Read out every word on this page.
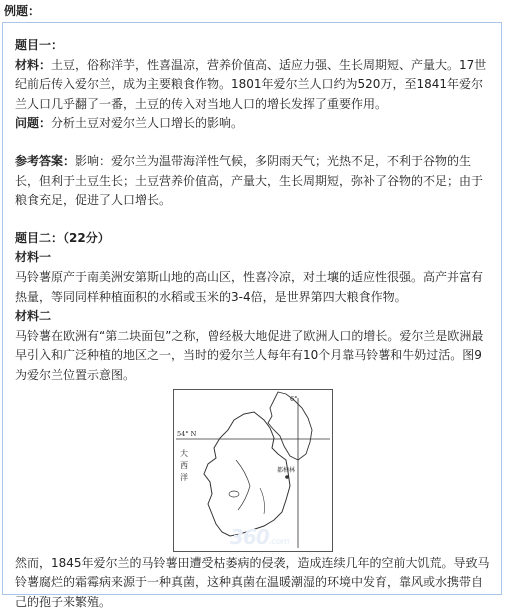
例题：

题目一：

材料：土豆，俗称洋芋，性喜温凉，营养价值高、适应力强、生长周期短、产量大。17世纪前后传入爱尔兰，成为主要粮食作物。1801年爱尔兰人口约为520万，至1841年爱尔兰人口几乎翻了一番，土豆的传入对当地人口的增长发挥了重要作用。

问题：分析土豆对爱尔兰人口增长的影响。

参考答案：影响：爱尔兰为温带海洋性气候，多阴雨天气；光热不足，不利于谷物的生长，但利于土豆生长；土豆营养价值高，产量大，生长周期短，弥补了谷物的不足；由于粮食充足，促进了人口增长。

题目二：（22分）

材料一

马铃薯原产于南美洲安第斯山地的高山区，性喜冷凉，对土壤的适应性很强。高产并富有热量，等同同样种植面积的水稻或玉米的3-4倍，是世界第四大粮食作物。

材料二

马铃薯在欧洲有“第二块面包”之称，曾经极大地促进了欧洲人口的增长。爱尔兰是欧洲最早引入和广泛种植的地区之一，当时的爱尔兰人每年有10个月靠马铃薯和牛奶过活。图9为爱尔兰位置示意图。

54° N
6°
大
西
洋
都柏林

然而，1845年爱尔兰的马铃薯田遭受枯萎病的侵袭，造成连续几年的空前大饥荒。导致马铃薯腐烂的霜霉病来源于一种真菌，这种真菌在温暖潮湿的环境中发育，靠风或水携带自己的孢子来繁殖。

360.com
